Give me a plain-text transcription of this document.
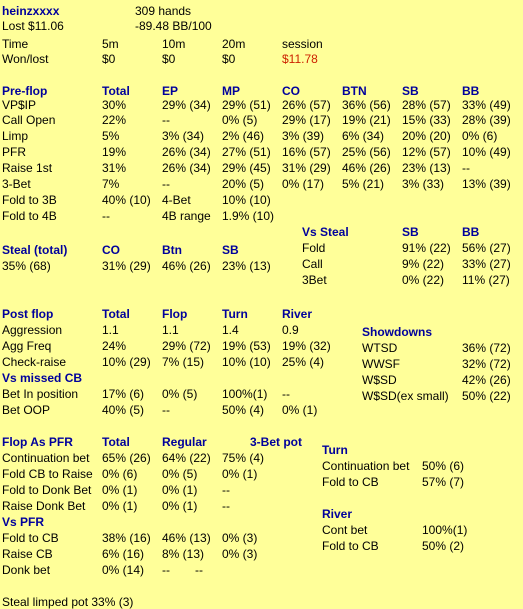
heinzxxxx	309 hands
Lost $11.06	-89.48 BB/100
Time	5m	10m	20m	session
Won/lost	$0	$0	$0	$11.78
Pre-flop	Total	EP	MP	CO	BTN	SB	BB
VP$IP	30%	29% (34) 29% (51) 26% (57) 36% (56) 28% (57) 33% (49)
Call Open	22%	--	0% (5) 29% (17) 19% (21) 15% (33) 28% (39)
Limp	5%	3% (34) 2% (46) 3% (39) 6% (34) 20% (20) 0% (6)
PFR	19%	26% (34) 27% (51) 16% (57) 25% (56) 12% (57) 10% (49)
Raise 1st	31%	26% (34) 29% (45) 31% (29) 46% (26) 23% (13) --
3-Bet	7%	--	20% (5) 0% (17) 5% (21) 3% (33) 13% (39)
Fold to 3B	40% (10) 4-Bet	10% (10)
Fold to 4B	--	4B range 1.9% (10)
Vs Steal	SB	BB
Fold	91% (22) 56% (27)
Call	9% (22) 33% (27)
3Bet	0% (22) 11% (27)
Steal (total)	CO	Btn	SB
35% (68)	31% (29) 46% (26) 23% (13)
Post flop	Total	Flop	Turn	River
Aggression	1.1	1.1	1.4	0.9
Agg Freq	24%	29% (72) 19% (53) 19% (32)
Check-raise	10% (29) 7% (15) 10% (10) 25% (4)
Vs missed CB
Bet In position 17% (6) 0% (5) 100%(1) --
Bet OOP	40% (5) --	50% (4) 0% (1)
Showdowns
WTSD	36% (72)
WWSF	32% (72)
W$SD	42% (26)
W$SD(ex small) 50% (22)
Flop As PFR Total	Regular	3-Bet pot
Continuation bet 65% (26) 64% (22) 75% (4)
Fold CB to Raise 0% (6) 0% (5) 0% (1)
Fold to Donk Bet 0% (1) 0% (1) --
Raise Donk Bet 0% (1) 0% (1) --
Vs PFR
Fold to CB	38% (16) 46% (13) 0% (3)
Raise CB	6% (16) 8% (13) 0% (3)
Donk bet	0% (14) -- --
Steal limped pot 33% (3)
Turn
Continuation bet 50% (6)
Fold to CB	57% (7)
River
Cont bet	100%(1)
Fold to CB	50% (2)
